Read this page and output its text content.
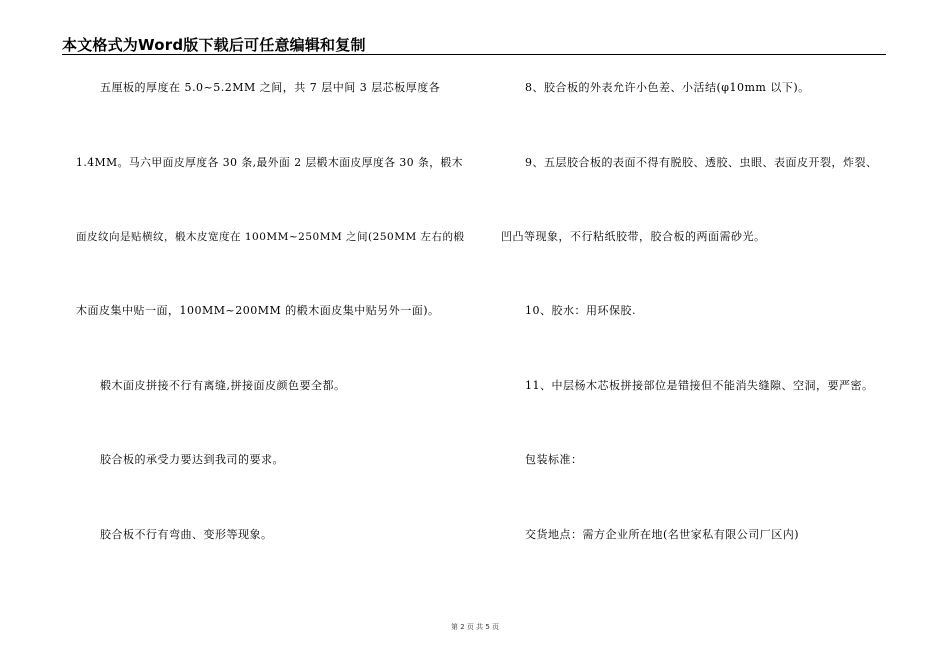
本文格式为Word版下载后可任意编辑和复制
五厘板的厚度在 5.0~5.2MM 之间，共 7 层中间 3 层芯板厚度各
1.4MM。马六甲面皮厚度各 30 条,最外面 2 层椴木面皮厚度各 30 条，椴木
面皮纹向是贴横纹，椴木皮宽度在 100MM~250MM 之间(250MM 左右的椴
木面皮集中贴一面，100MM~200MM 的椴木面皮集中贴另外一面)。
椴木面皮拼接不行有离缝,拼接面皮颜色要全都。
胶合板的承受力要达到我司的要求。
胶合板不行有弯曲、变形等现象。
8、胶合板的外表允许小色差、小活结(φ10mm 以下)。
9、五层胶合板的表面不得有脱胶、透胶、虫眼、表面皮开裂，炸裂、
凹凸等现象，不行粘纸胶带，胶合板的两面需砂光。
10、胶水：用环保胶.
11、中层杨木芯板拼接部位是错接但不能消失缝隙、空洞，要严密。
包装标准：
交货地点：需方企业所在地(名世家私有限公司厂区内)
第 2 页 共 5 页
